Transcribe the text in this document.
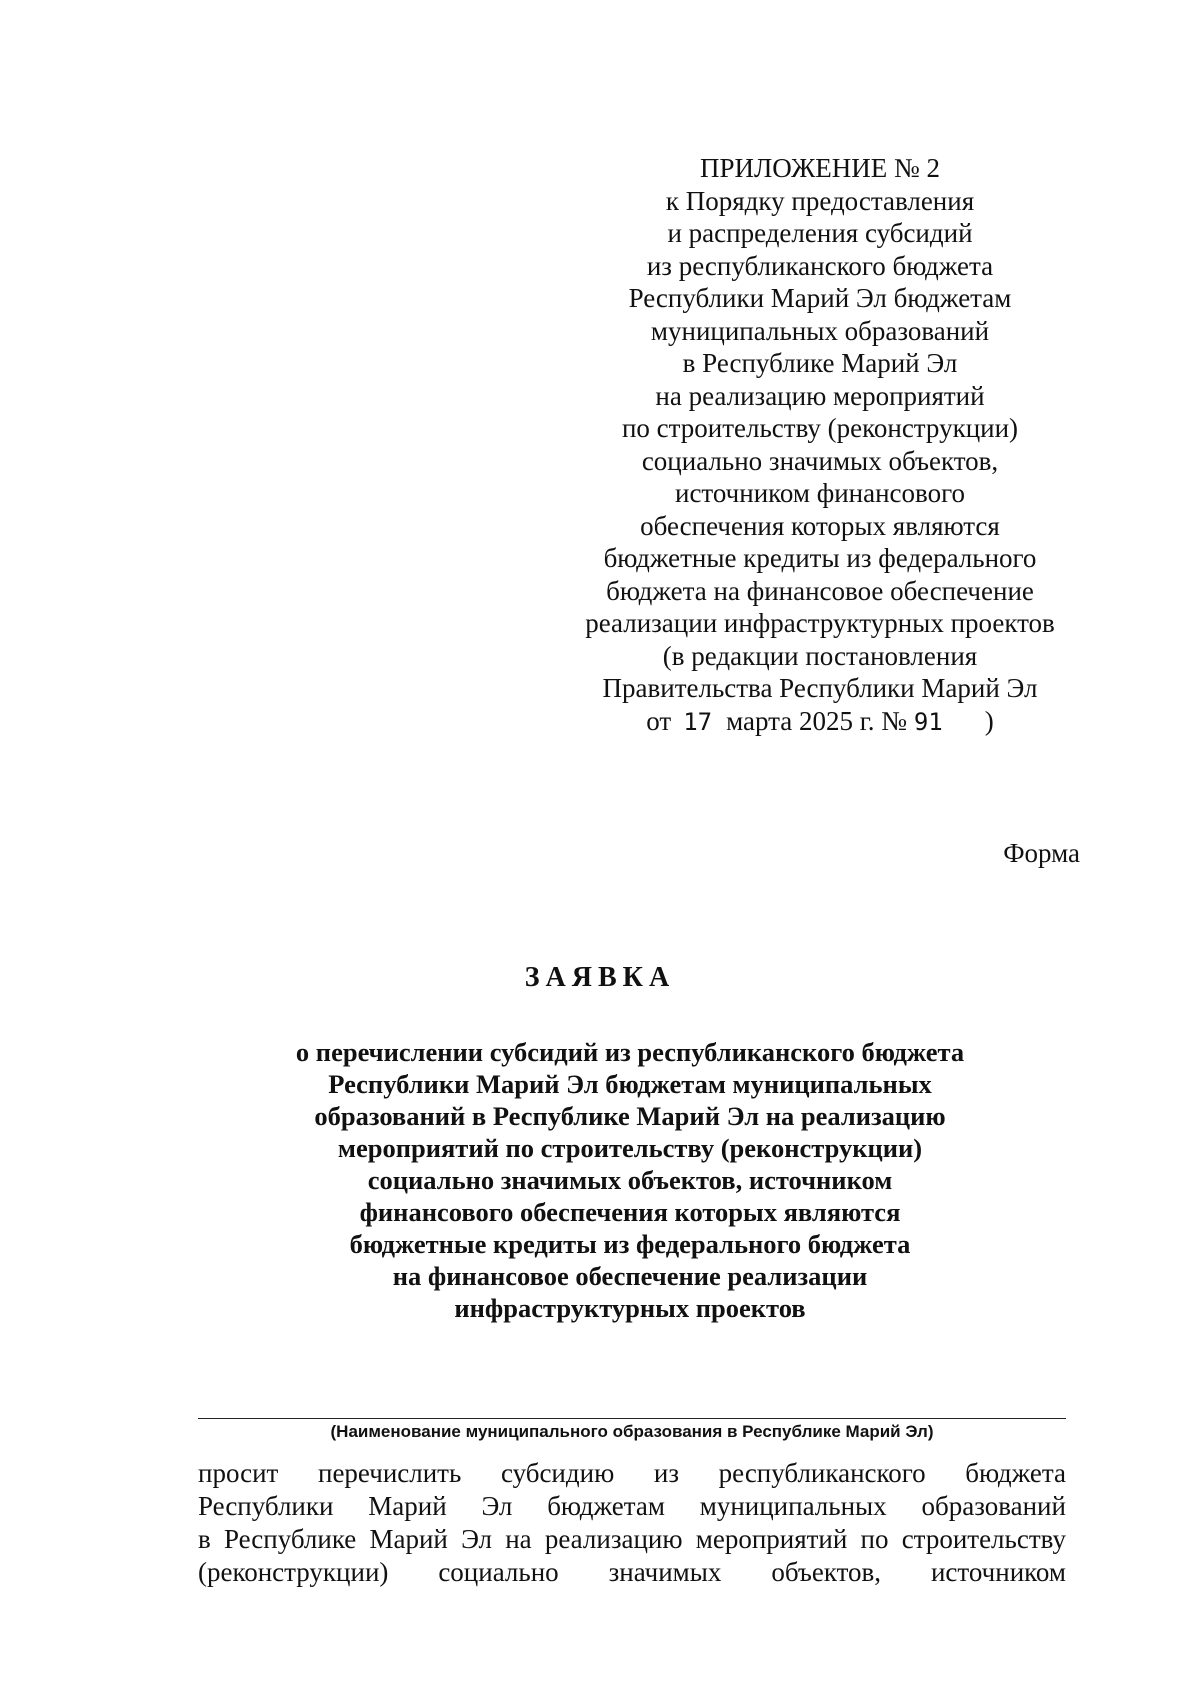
ПРИЛОЖЕНИЕ № 2
к Порядку предоставления
и распределения субсидий
из республиканского бюджета
Республики Марий Эл бюджетам
муниципальных образований
в Республике Марий Эл
на реализацию мероприятий
по строительству (реконструкции)
социально значимых объектов,
источником финансового
обеспечения которых являются
бюджетные кредиты из федерального
бюджета на финансовое обеспечение
реализации инфраструктурных проектов
(в редакции постановления
Правительства Республики Марий Эл
от 17 марта 2025 г. № 91 )
Форма
ЗАЯВКА
о перечислении субсидий из республиканского бюджета
Республики Марий Эл бюджетам муниципальных
образований в Республике Марий Эл на реализацию
мероприятий по строительству (реконструкции)
социально значимых объектов, источником
финансового обеспечения которых являются
бюджетные кредиты из федерального бюджета
на финансовое обеспечение реализации
инфраструктурных проектов
(Наименование муниципального образования в Республике Марий Эл)
просит перечислить субсидию из республиканского бюджета
Республики Марий Эл бюджетам муниципальных образований
в Республике Марий Эл на реализацию мероприятий по строительству
(реконструкции) социально значимых объектов, источником
